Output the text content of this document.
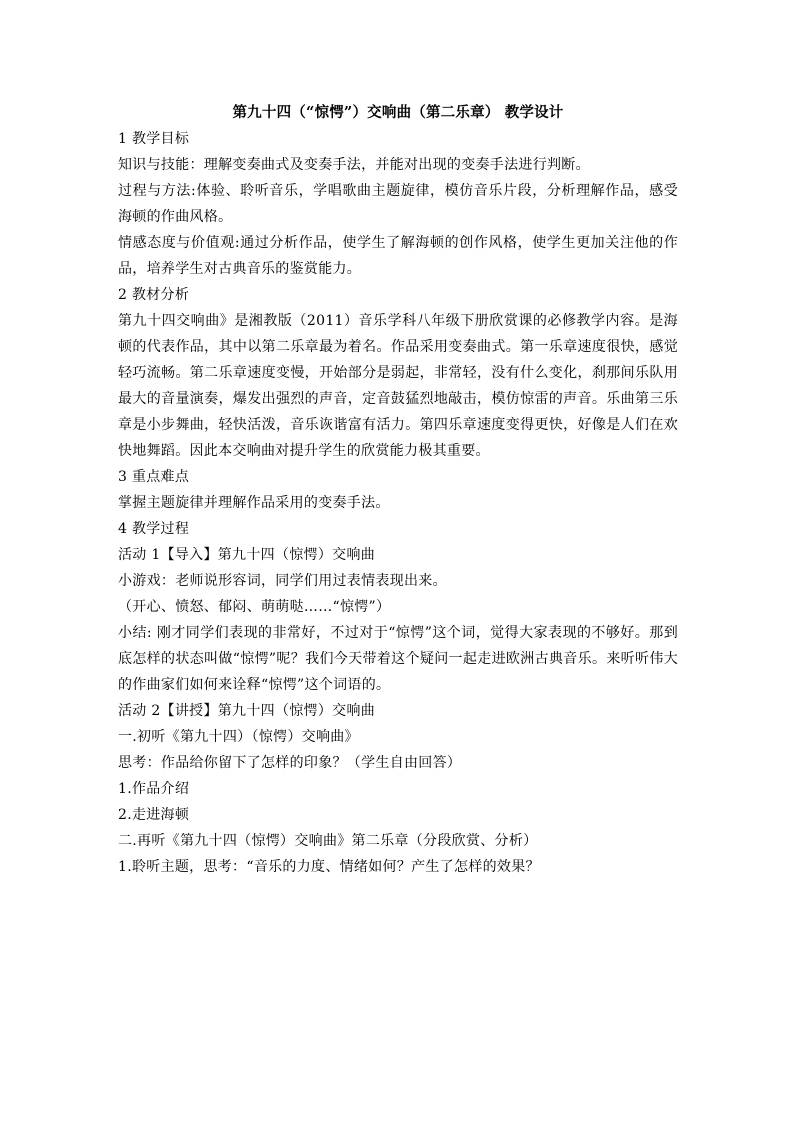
第九十四（“惊愕”）交响曲（第二乐章） 教学设计

1 教学目标

知识与技能：理解变奏曲式及变奏手法，并能对出现的变奏手法进行判断。

过程与方法:体验、聆听音乐，学唱歌曲主题旋律，模仿音乐片段，分析理解作品，感受海顿的作曲风格。

情感态度与价值观:通过分析作品，使学生了解海顿的创作风格，使学生更加关注他的作品，培养学生对古典音乐的鉴赏能力。

2 教材分析

第九十四交响曲》是湘教版（2011）音乐学科八年级下册欣赏课的必修教学内容。是海顿的代表作品，其中以第二乐章最为着名。作品采用变奏曲式。第一乐章速度很快，感觉轻巧流畅。第二乐章速度变慢，开始部分是弱起，非常轻，没有什么变化，刹那间乐队用最大的音量演奏，爆发出强烈的声音，定音鼓猛烈地敲击，模仿惊雷的声音。乐曲第三乐章是小步舞曲，轻快活泼，音乐诙谐富有活力。第四乐章速度变得更快，好像是人们在欢快地舞蹈。因此本交响曲对提升学生的欣赏能力极其重要。

3 重点难点

掌握主题旋律并理解作品采用的变奏手法。

4 教学过程

活动 1【导入】第九十四（惊愕）交响曲

小游戏：老师说形容词，同学们用过表情表现出来。

（开心、愤怒、郁闷、萌萌哒……“惊愕”）

小结: 刚才同学们表现的非常好，不过对于“惊愕”这个词，觉得大家表现的不够好。那到底怎样的状态叫做“惊愕”呢？我们今天带着这个疑问一起走进欧洲古典音乐。来听听伟大的作曲家们如何来诠释“惊愕”这个词语的。

活动 2【讲授】第九十四（惊愕）交响曲

一.初听《第九十四）（惊愕）交响曲》

思考：作品给你留下了怎样的印象？（学生自由回答）

1.作品介绍

2.走进海顿

二.再听《第九十四（惊愕）交响曲》第二乐章（分段欣赏、分析）

1.聆听主题，思考：“音乐的力度、情绪如何？产生了怎样的效果？
